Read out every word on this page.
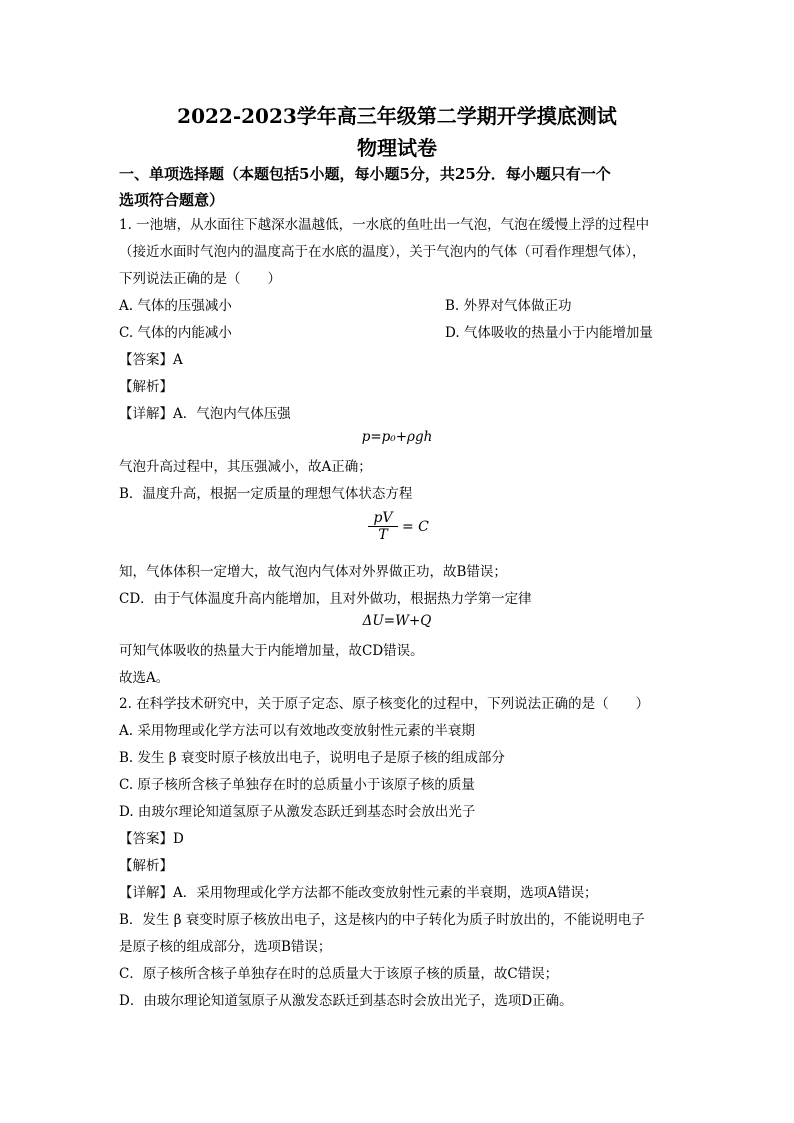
2022-2023学年高三年级第二学期开学摸底测试
物理试卷
一、单项选择题（本题包括5小题，每小题5分，共25分．每小题只有一个
选项符合题意）
1. 一池塘，从水面往下越深水温越低，一水底的鱼吐出一气泡，气泡在缓慢上浮的过程中
（接近水面时气泡内的温度高于在水底的温度），关于气泡内的气体（可看作理想气体），
下列说法正确的是（　　）
A. 气体的压强减小	B. 外界对气体做正功
C. 气体的内能减小	D. 气体吸收的热量小于内能增加量
【答案】A
【解析】
【详解】A．气泡内气体压强
p=p₀+ρgh
气泡升高过程中，其压强减小，故A正确；
B．温度升高，根据一定质量的理想气体状态方程
pV
T	= C
知，气体体积一定增大，故气泡内气体对外界做正功，故B错误；
CD．由于气体温度升高内能增加，且对外做功，根据热力学第一定律
ΔU=W+Q
可知气体吸收的热量大于内能增加量，故CD错误。
故选A。
2. 在科学技术研究中，关于原子定态、原子核变化的过程中，下列说法正确的是（　　）
A. 采用物理或化学方法可以有效地改变放射性元素的半衰期
B. 发生 β 衰变时原子核放出电子，说明电子是原子核的组成部分
C. 原子核所含核子单独存在时的总质量小于该原子核的质量
D. 由玻尔理论知道氢原子从激发态跃迁到基态时会放出光子
【答案】D
【解析】
【详解】A．采用物理或化学方法都不能改变放射性元素的半衰期，选项A错误；
B．发生 β 衰变时原子核放出电子，这是核内的中子转化为质子时放出的，不能说明电子
是原子核的组成部分，选项B错误；
C．原子核所含核子单独存在时的总质量大于该原子核的质量，故C错误；
D．由玻尔理论知道氢原子从激发态跃迁到基态时会放出光子，选项D正确。
